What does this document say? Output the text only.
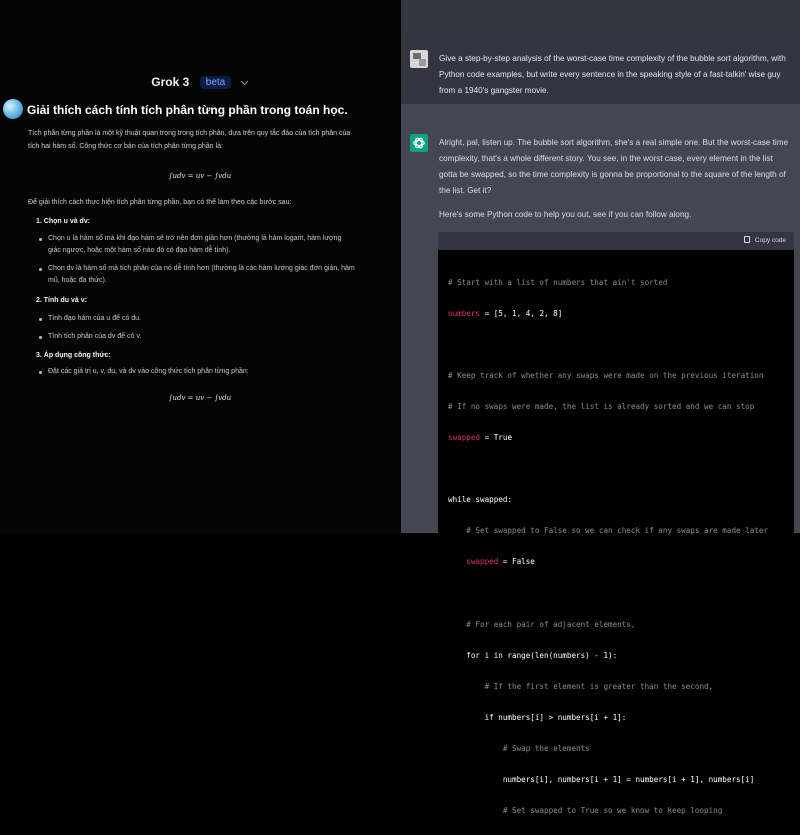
Grok 3 beta
Giải thích cách tính tích phân từng phần trong toán học.
Tích phân từng phần là một kỹ thuật quan trọng trong tích phân, dựa trên quy tắc đảo của tích phân của
tích hai hàm số. Công thức cơ bản của tích phân từng phần là:
∫udv = uv − ∫vdu
Để giải thích cách thực hiện tích phân từng phần, bạn có thể làm theo các bước sau:
1. Chọn u và dv:
Chọn u là hàm số mà khi đạo hàm sẽ trở nên đơn giản hơn (thường là hàm logarit, hàm lượng
giác ngược, hoặc một hàm số nào đó có đạo hàm dễ tính).
Chọn dv là hàm số mà tích phân của nó dễ tính hơn (thường là các hàm lượng giác đơn giản, hàm
mũ, hoặc đa thức).
2. Tính du và v:
Tính đạo hàm của u để có du.
Tính tích phân của dv để có v.
3. Áp dụng công thức:
Đặt các giá trị u, v, du, và dv vào công thức tích phân từng phần:
∫udv = uv − ∫vdu
Give a step-by-step analysis of the worst-case time complexity of the bubble sort algorithm, with Python code examples, but write every sentence in the speaking style of a fast-talkin' wise guy from a 1940's gangster movie.
Alright, pal, listen up. The bubble sort algorithm, she's a real simple one. But the worst-case time complexity, that's a whole different story. You see, in the worst case, every element in the list gotta be swapped, so the time complexity is gonna be proportional to the square of the length of the list. Get it?
Here's some Python code to help you out, see if you can follow along.
Copy code

# Start with a list of numbers that ain't sorted

numbers = [5, 1, 4, 2, 8]

# Keep track of whether any swaps were made on the previous iteration

# If no swaps were made, the list is already sorted and we can stop

swapped = True

while swapped:

# Set swapped to False so we can check if any swaps are made later

swapped = False

# For each pair of adjacent elements,

for i in range(len(numbers) - 1):

# If the first element is greater than the second,

if numbers[i] > numbers[i + 1]:

# Swap the elements

numbers[i], numbers[i + 1] = numbers[i + 1], numbers[i]

# Set swapped to True so we know to keep looping
